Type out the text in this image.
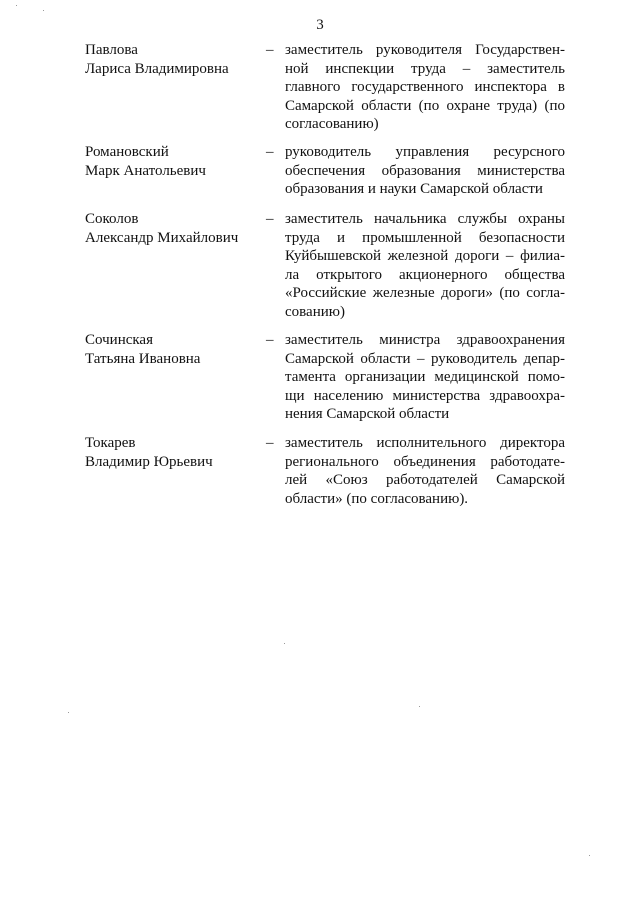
3
Павлова
Лариса Владимировна
– заместитель руководителя Государствен-
ной инспекции труда – заместитель
главного государственного инспектора в
Самарской области (по охране труда) (по
согласованию)
Романовский
Марк Анатольевич
– руководитель управления ресурсного
обеспечения образования министерства
образования и науки Самарской области
Соколов
Александр Михайлович
– заместитель начальника службы охраны
труда и промышленной безопасности
Куйбышевской железной дороги – филиа-
ла открытого акционерного общества
«Российские железные дороги» (по согла-
сованию)
Сочинская
Татьяна Ивановна
– заместитель министра здравоохранения
Самарской области – руководитель депар-
тамента организации медицинской помо-
щи населению министерства здравоохра-
нения Самарской области
Токарев
Владимир Юрьевич
– заместитель исполнительного директора
регионального объединения работодате-
лей «Союз работодателей Самарской
области» (по согласованию).
